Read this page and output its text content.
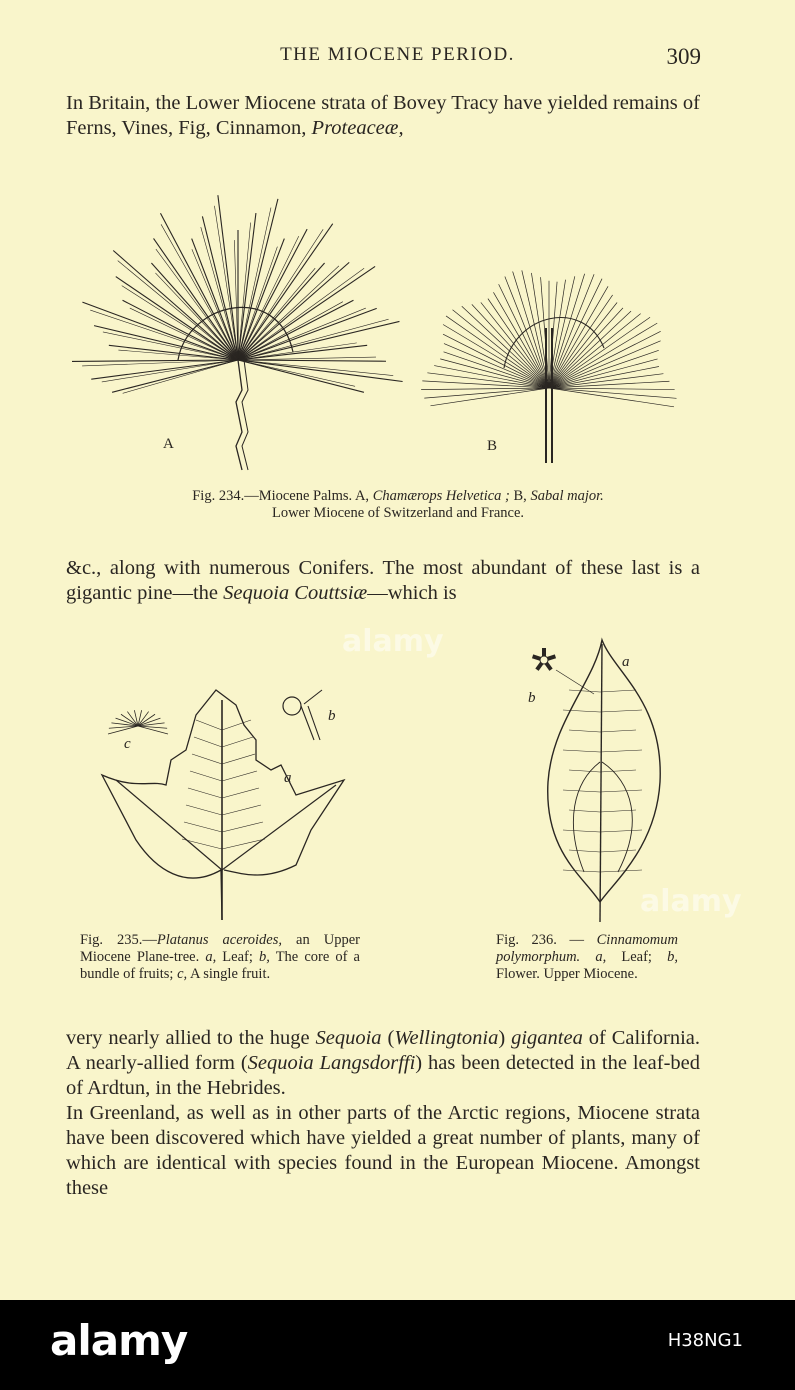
THE MIOCENE PERIOD.	309

In Britain, the Lower Miocene strata of Bovey Tracy have yielded remains of Ferns, Vines, Fig, Cinnamon, Proteaceæ,

A	B

Fig. 234.—Miocene Palms. A, Chamærops Helvetica ; B, Sabal major.
Lower Miocene of Switzerland and France.

&c., along with numerous Conifers. The most abundant of these last is a gigantic pine—the Sequoia Couttsiæ—which is

a
b
c

Fig. 235.—Platanus aceroides, an Upper Miocene Plane-tree. a, Leaf; b, The core of a bundle of fruits; c, A single fruit.

a
b

Fig. 236. — Cinnamomum polymorphum. a, Leaf; b, Flower. Upper Miocene.

very nearly allied to the huge Sequoia (Wellingtonia) gigantea of California. A nearly-allied form (Sequoia Langsdorffi) has been detected in the leaf-bed of Ardtun, in the Hebrides.

In Greenland, as well as in other parts of the Arctic regions, Miocene strata have been discovered which have yielded a great number of plants, many of which are identical with species found in the European Miocene. Amongst these

alamy
alamy
alamy	H38NG1
